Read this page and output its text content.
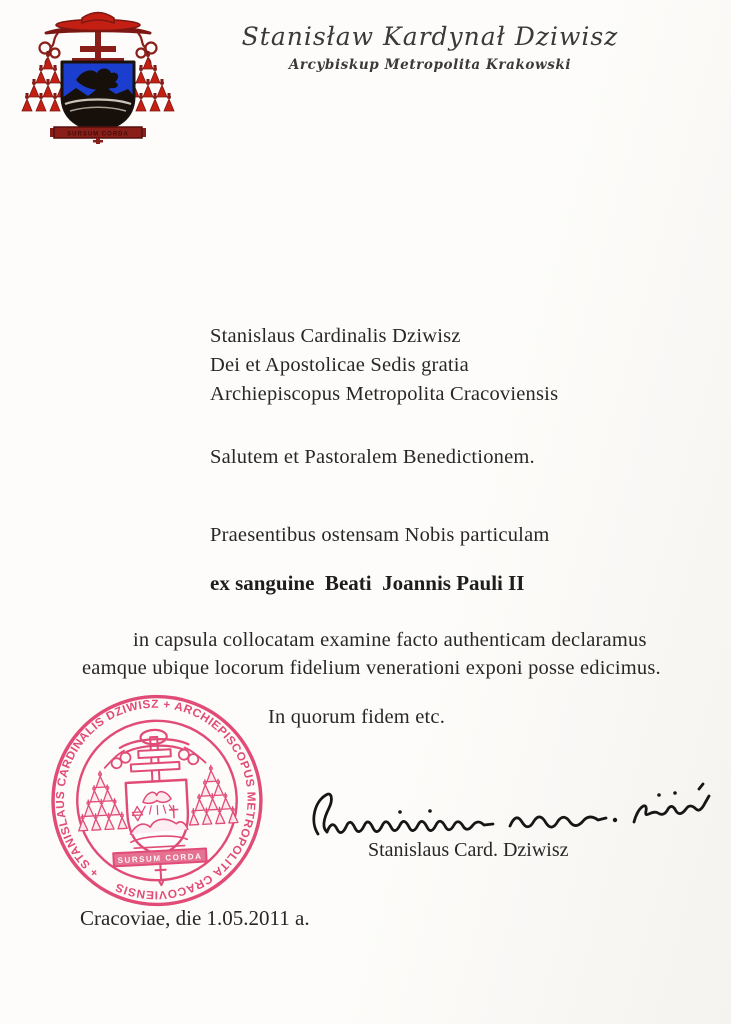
SURSUM CORDA
Stanisław Kardynał Dziwisz
Arcybiskup Metropolita Krakowski
Stanislaus Cardinalis Dziwisz
Dei et Apostolicae Sedis gratia
Archiepiscopus Metropolita Cracoviensis
Salutem et Pastoralem Benedictionem.
Praesentibus ostensam Nobis particulam
ex sanguine  Beati  Joannis Pauli II
in capsula collocatam examine facto authenticam declaramus
eamque ubique locorum fidelium venerationi exponi posse edicimus.
In quorum fidem etc.
+ STANISLAUS CARDINALIS DZIWISZ + ARCHIEPISCOPUS METROPOLITA CRACOVIENSIS
SURSUM CORDA	Stanislaus Card. Dziwisz
Cracoviae, die 1.05.2011 a.
